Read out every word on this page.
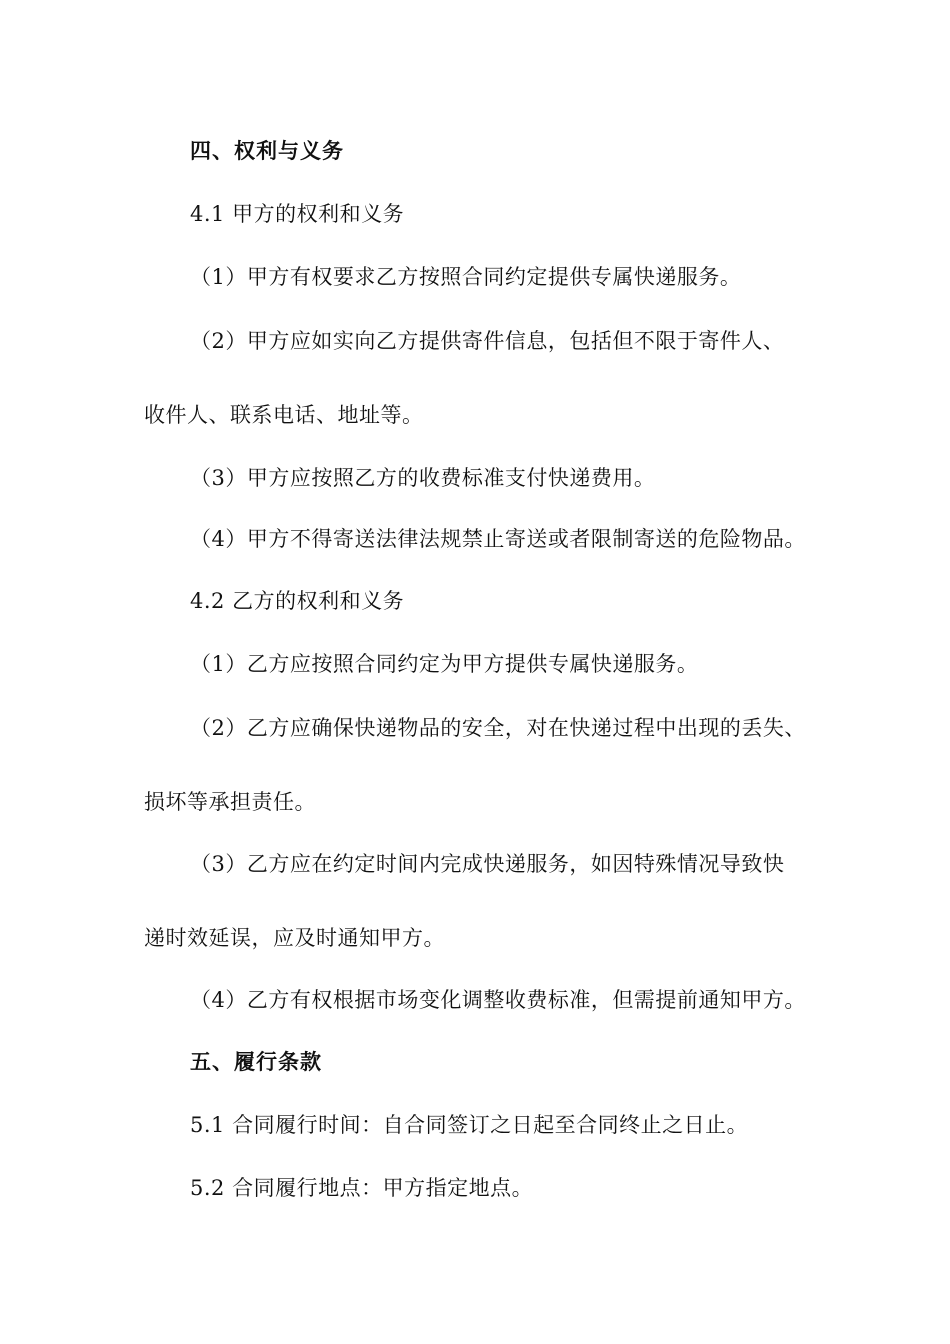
四、权利与义务
4.1 甲方的权利和义务
（1）甲方有权要求乙方按照合同约定提供专属快递服务。
（2）甲方应如实向乙方提供寄件信息，包括但不限于寄件人、
收件人、联系电话、地址等。
（3）甲方应按照乙方的收费标准支付快递费用。
（4）甲方不得寄送法律法规禁止寄送或者限制寄送的危险物品。
4.2 乙方的权利和义务
（1）乙方应按照合同约定为甲方提供专属快递服务。
（2）乙方应确保快递物品的安全，对在快递过程中出现的丢失、
损坏等承担责任。
（3）乙方应在约定时间内完成快递服务，如因特殊情况导致快
递时效延误，应及时通知甲方。
（4）乙方有权根据市场变化调整收费标准，但需提前通知甲方。
五、履行条款
5.1 合同履行时间：自合同签订之日起至合同终止之日止。
5.2 合同履行地点：甲方指定地点。
